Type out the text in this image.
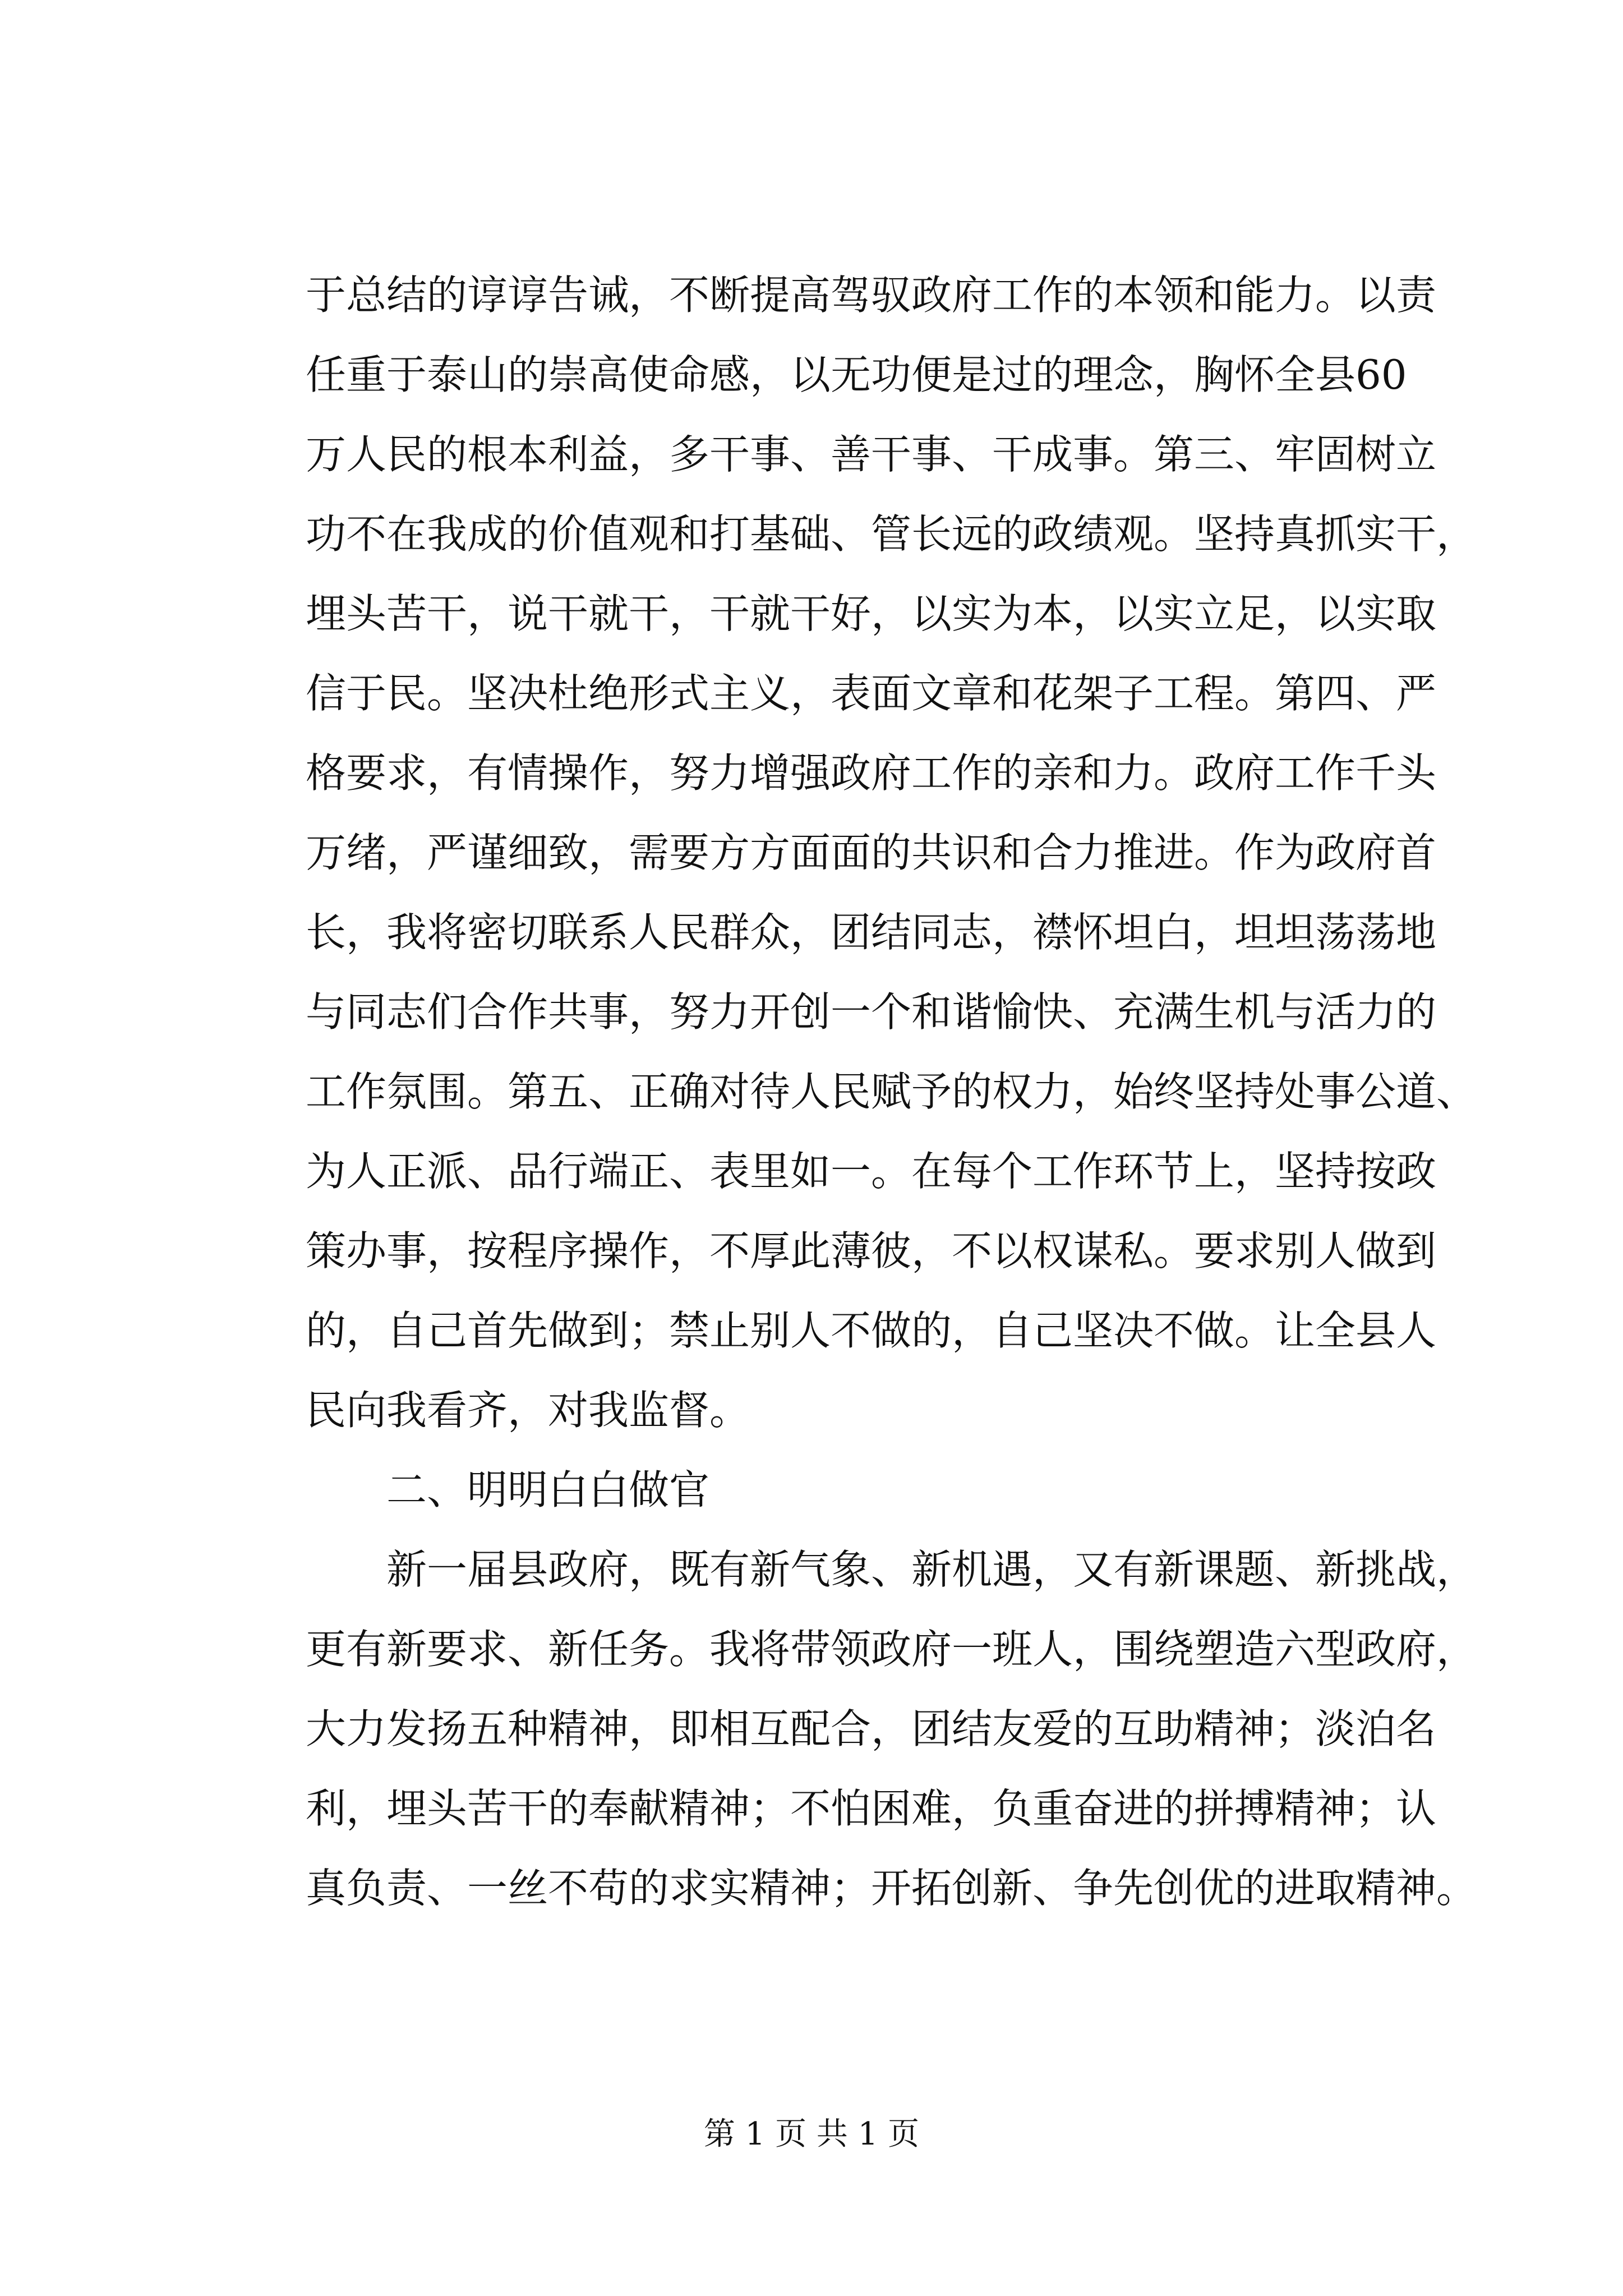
于总结的谆谆告诫，不断提高驾驭政府工作的本领和能力。以责
任重于泰山的崇高使命感，以无功便是过的理念，胸怀全县60
万人民的根本利益，多干事、善干事、干成事。第三、牢固树立
功不在我成的价值观和打基础、管长远的政绩观。坚持真抓实干，
埋头苦干，说干就干，干就干好，以实为本，以实立足，以实取
信于民。坚决杜绝形式主义，表面文章和花架子工程。第四、严
格要求，有情操作，努力增强政府工作的亲和力。政府工作千头
万绪，严谨细致，需要方方面面的共识和合力推进。作为政府首
长，我将密切联系人民群众，团结同志，襟怀坦白，坦坦荡荡地
与同志们合作共事，努力开创一个和谐愉快、充满生机与活力的
工作氛围。第五、正确对待人民赋予的权力，始终坚持处事公道、
为人正派、品行端正、表里如一。在每个工作环节上，坚持按政
策办事，按程序操作，不厚此薄彼，不以权谋私。要求别人做到
的，自己首先做到；禁止别人不做的，自己坚决不做。让全县人
民向我看齐，对我监督。
二、明明白白做官
新一届县政府，既有新气象、新机遇，又有新课题、新挑战，
更有新要求、新任务。我将带领政府一班人，围绕塑造六型政府，
大力发扬五种精神，即相互配合，团结友爱的互助精神；淡泊名
利，埋头苦干的奉献精神；不怕困难，负重奋进的拼搏精神；认
真负责、一丝不苟的求实精神；开拓创新、争先创优的进取精神。
第 1 页 共 1 页
